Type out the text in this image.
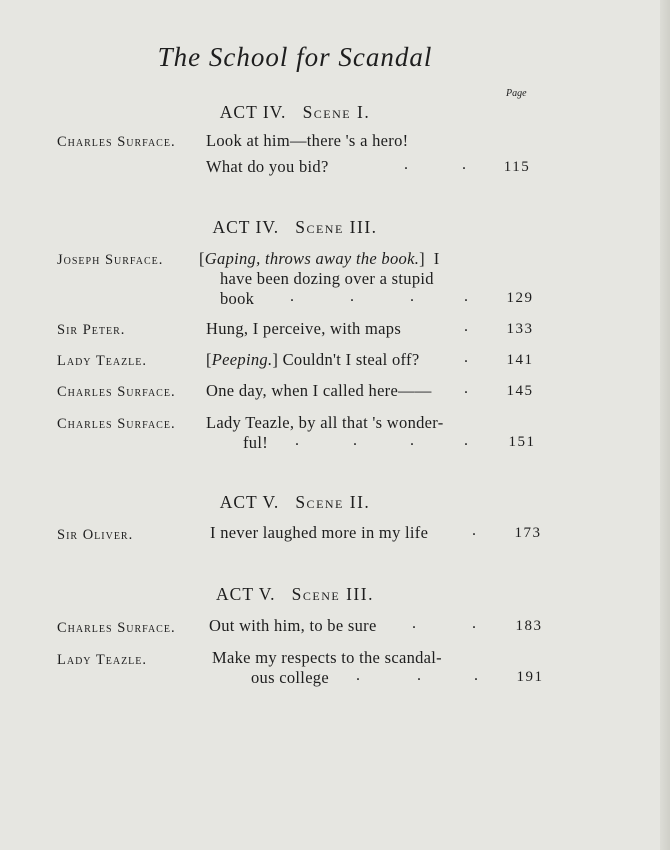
The School for Scandal
Page
ACT IV. Scene I.
Charles Surface. Look at him—there 's a hero!
What do you bid?	.	.	115
ACT IV. Scene III.
Joseph Surface. [Gaping, throws away the book.]  I
have been dozing over a stupid
book .	.	.	.	129
Sir Peter.	Hung, I perceive, with maps	.	133
Lady Teazle.	[Peeping.] Couldn't I steal off?	.	141
Charles Surface. One day, when I called here—— .	145
Charles Surface. Lady Teazle, by all that 's wonder-
ful! .	.	.	.	151
ACT V. Scene II.
Sir Oliver.	I never laughed more in my life	.	173
ACT V. Scene III.
Charles Surface. Out with him, to be sure .	.	183
Lady Teazle.	Make my respects to the scandal-
ous college .	.	.	191
